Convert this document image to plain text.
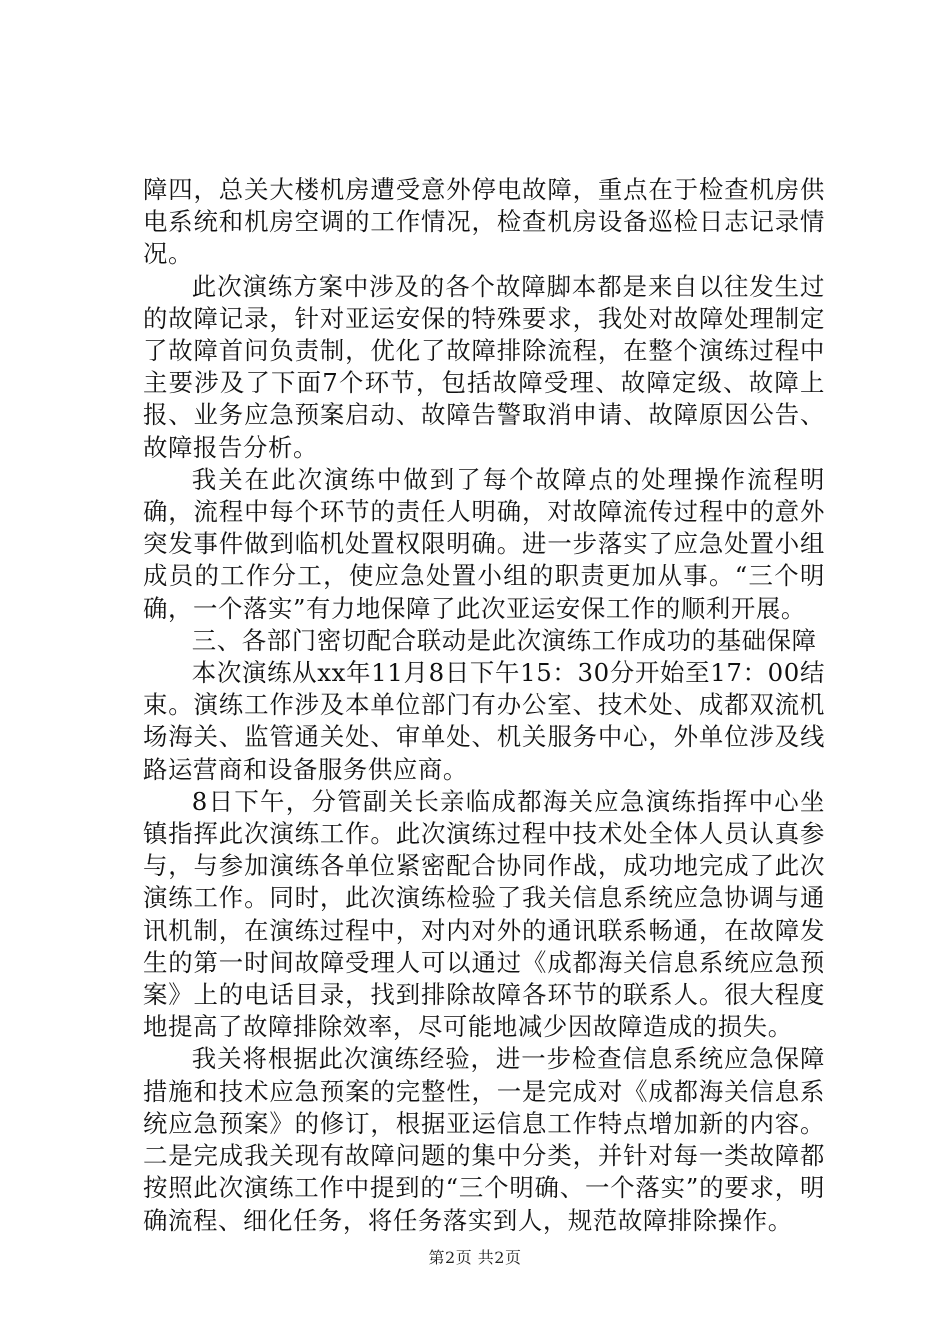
障四，总关大楼机房遭受意外停电故障，重点在于检查机房供电系统和机房空调的工作情况，检查机房设备巡检日志记录情况。

此次演练方案中涉及的各个故障脚本都是来自以往发生过的故障记录，针对亚运安保的特殊要求，我处对故障处理制定了故障首问负责制，优化了故障排除流程，在整个演练过程中主要涉及了下面7个环节，包括故障受理、故障定级、故障上报、业务应急预案启动、故障告警取消申请、故障原因公告、故障报告分析。

我关在此次演练中做到了每个故障点的处理操作流程明确，流程中每个环节的责任人明确，对故障流传过程中的意外突发事件做到临机处置权限明确。进一步落实了应急处置小组成员的工作分工，使应急处置小组的职责更加从事。“三个明确，一个落实”有力地保障了此次亚运安保工作的顺利开展。

三、各部门密切配合联动是此次演练工作成功的基础保障

本次演练从xx年11月8日下午15：30分开始至17：00结束。演练工作涉及本单位部门有办公室、技术处、成都双流机场海关、监管通关处、审单处、机关服务中心，外单位涉及线路运营商和设备服务供应商。

8日下午，分管副关长亲临成都海关应急演练指挥中心坐镇指挥此次演练工作。此次演练过程中技术处全体人员认真参与，与参加演练各单位紧密配合协同作战，成功地完成了此次演练工作。同时，此次演练检验了我关信息系统应急协调与通讯机制，在演练过程中，对内对外的通讯联系畅通，在故障发生的第一时间故障受理人可以通过《成都海关信息系统应急预案》上的电话目录，找到排除故障各环节的联系人。很大程度地提高了故障排除效率，尽可能地减少因故障造成的损失。

我关将根据此次演练经验，进一步检查信息系统应急保障措施和技术应急预案的完整性，一是完成对《成都海关信息系统应急预案》的修订，根据亚运信息工作特点增加新的内容。二是完成我关现有故障问题的集中分类，并针对每一类故障都按照此次演练工作中提到的“三个明确、一个落实”的要求，明确流程、细化任务，将任务落实到人，规范故障排除操作。

第2页 共2页
